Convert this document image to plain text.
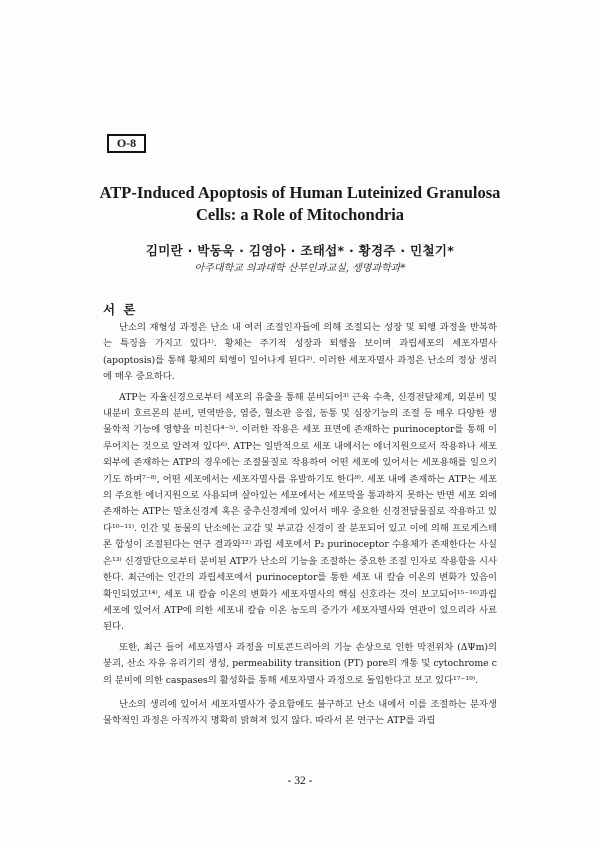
O-8
ATP-Induced Apoptosis of Human Luteinized Granulosa
Cells: a Role of Mitochondria
김미란 · 박동욱 · 김영아 · 조태섭* · 황경주 · 민철기*
아주대학교 의과대학 산부인과교실, 생명과학과*
서 론

난소의 재형성 과정은 난소 내 여러 조절인자들에 의해 조절되는 성장 및 퇴행 과정을 반복하는 특징을 가지고 있다¹⁾. 황체는 주기적 성장과 퇴행을 보이며 과립세포의 세포자멸사 (apoptosis)를 통해 황체의 퇴행이 일어나게 된다²⁾. 이러한 세포자멸사 과정은 난소의 정상 생리에 매우 중요하다.

ATP는 자율신경으로부터 세포의 유출을 통해 분비되어³⁾ 근육 수축, 신경전달체계, 외분비 및 내분비 호르몬의 분비, 면역반응, 염증, 혈소판 응집, 동통 및 심장기능의 조절 등 매우 다양한 생물학적 기능에 영향을 미친다⁴⁻⁵⁾. 이러한 작용은 세포 표면에 존재하는 purinoceptor를 통해 이루어지는 것으로 알려져 있다⁶⁾. ATP는 일반적으로 세포 내에서는 에너지원으로서 작용하나 세포외부에 존재하는 ATP의 경우에는 조절물질로 작용하여 어떤 세포에 있어서는 세포용해를 일으키기도 하며⁷⁻⁸⁾, 어떤 세포에서는 세포자멸사를 유발하기도 한다⁹⁾. 세포 내에 존재하는 ATP는 세포의 주요한 에너지원으로 사용되며 살아있는 세포에서는 세포막을 통과하지 못하는 반면 세포 외에 존재하는 ATP는 말초신경계 혹은 중추신경계에 있어서 매우 중요한 신경전달물질로 작용하고 있다¹⁰⁻¹¹⁾. 인간 및 동물의 난소에는 교감 및 부교감 신경이 잘 분포되어 있고 이에 의해 프로게스테론 합성이 조절된다는 연구 결과와¹²⁾ 과립 세포에서 P₂ purinoceptor 수용체가 존재한다는 사실은¹³⁾ 신경말단으로부터 분비된 ATP가 난소의 기능을 조절하는 중요한 조절 인자로 작용함을 시사한다. 최근에는 인간의 과립세포에서 purinoceptor를 통한 세포 내 칼슘 이온의 변화가 있음이 확인되었고¹⁴⁾, 세포 내 칼슘 이온의 변화가 세포자멸사의 핵심 신호라는 것이 보고되어¹⁵⁻¹⁶⁾과립세포에 있어서 ATP에 의한 세포내 칼슘 이온 농도의 증가가 세포자멸사와 연관이 있으리라 사료된다.

또한, 최근 들어 세포자멸사 과정을 미토콘드리아의 기능 손상으로 인한 막전위차 (ΔΨm)의 붕괴, 산소 자유 유리기의 생성, permeability transition (PT) pore의 개통 및 cytochrome c의 분비에 의한 caspases의 활성화를 통해 세포자멸사 과정으로 돌입한다고 보고 있다¹⁷⁻¹⁹⁾.

난소의 생리에 있어서 세포자멸사가 중요함에도 불구하고 난소 내에서 이를 조절하는 분자생물학적인 과정은 아직까지 명확히 밝혀져 있지 않다. 따라서 본 연구는 ATP를 과립

- 32 -
